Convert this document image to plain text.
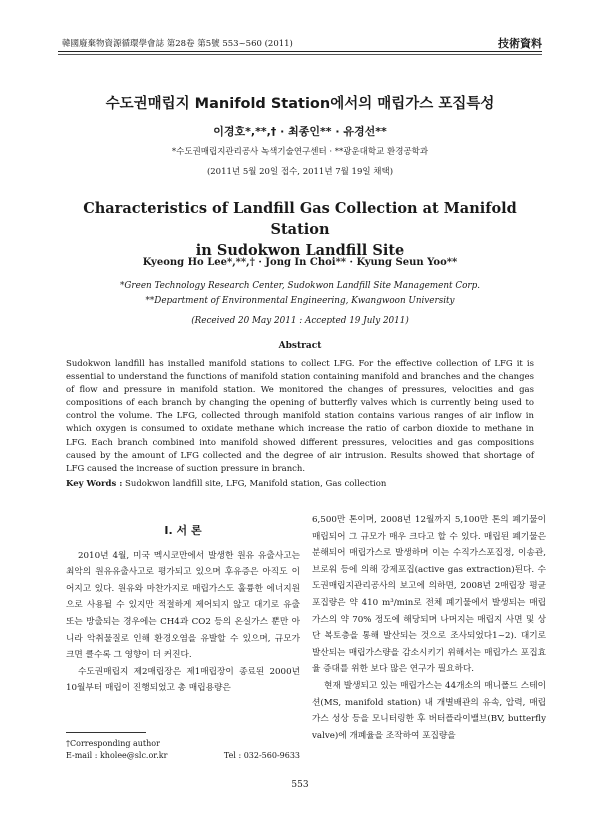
韓國廢棄物資源循環學會誌 第28卷 第5號 553~560 (2011)	技術資料
수도권매립지 Manifold Station에서의 매립가스 포집특성
이경호*,**,† · 최종인** · 유경선**
*수도권매립지관리공사 녹색기술연구센터 · **광운대학교 환경공학과
(2011년 5월 20일 접수, 2011년 7월 19일 채택)
Characteristics of Landfill Gas Collection at Manifold Station
in Sudokwon Landfill Site
Kyeong Ho Lee*,**,† · Jong In Choi** · Kyung Seun Yoo**
*Green Technology Research Center, Sudokwon Landfill Site Management Corp.
**Department of Environmental Engineering, Kwangwoon University
(Received 20 May 2011 : Accepted 19 July 2011)
Abstract

Sudokwon landfill has installed manifold stations to collect LFG. For the effective collection of LFG it is essential to understand the functions of manifold station containing manifold and branches and the changes of flow and pressure in manifold station. We monitored the changes of pressures, velocities and gas compositions of each branch by changing the opening of butterfly valves which is currently being used to control the volume. The LFG, collected through manifold station contains various ranges of air inflow in which oxygen is consumed to oxidate methane which increase the ratio of carbon dioxide to methane in LFG. Each branch combined into manifold showed different pressures, velocities and gas compositions caused by the amount of LFG collected and the degree of air intrusion. Results showed that shortage of LFG caused the increase of suction pressure in branch.

Key Words : Sudokwon landfill site, LFG, Manifold station, Gas collection
I. 서 론

2010년 4월, 미국 멕시코만에서 발생한 원유 유출사고는 최악의 원유유출사고로 평가되고 있으며 후유증은 아직도 이어지고 있다. 원유와 마찬가지로 매립가스도 훌륭한 에너지원으로 사용될 수 있지만 적절하게 제어되지 않고 대기로 유출 또는 방출되는 경우에는 CH4과 CO2 등의 온실가스 뿐만 아니라 악취물질로 인해 환경오염을 유발할 수 있으며, 규모가 크면 클수록 그 영향이 더 커진다.

수도권매립지 제2매립장은 제1매립장이 종료된 2000년 10월부터 매립이 진행되었고 총 매립용량은

6,500만 톤이며, 2008년 12월까지 5,100만 톤의 폐기물이 매립되어 그 규모가 매우 크다고 할 수 있다. 매립된 폐기물은 분해되어 매립가스로 발생하며 이는 수직가스포집정, 이송관, 브로워 등에 의해 강제포집(active gas extraction)된다. 수도권매립지관리공사의 보고에 의하면, 2008년 2매립장 평균 포집량은 약 410 m³/min로 전체 폐기물에서 발생되는 매립가스의 약 70% 정도에 해당되며 나머지는 매립지 사면 및 상단 복토층을 통해 발산되는 것으로 조사되었다1~2). 대기로 발산되는 매립가스량을 감소시키기 위해서는 매립가스 포집효율 증대를 위한 보다 많은 연구가 필요하다.

현재 발생되고 있는 매립가스는 44개소의 매니폴드 스테이션(MS, manifold station) 내 개별배관의 유속, 압력, 매립가스 성상 등을 모니터링한 후 버터플라이밸브(BV, butterfly valve)에 개폐율을 조작하여 포집량을

†Corresponding author
E-mail : kholee@slc.or.kr	Tel : 032-560-9633
553
